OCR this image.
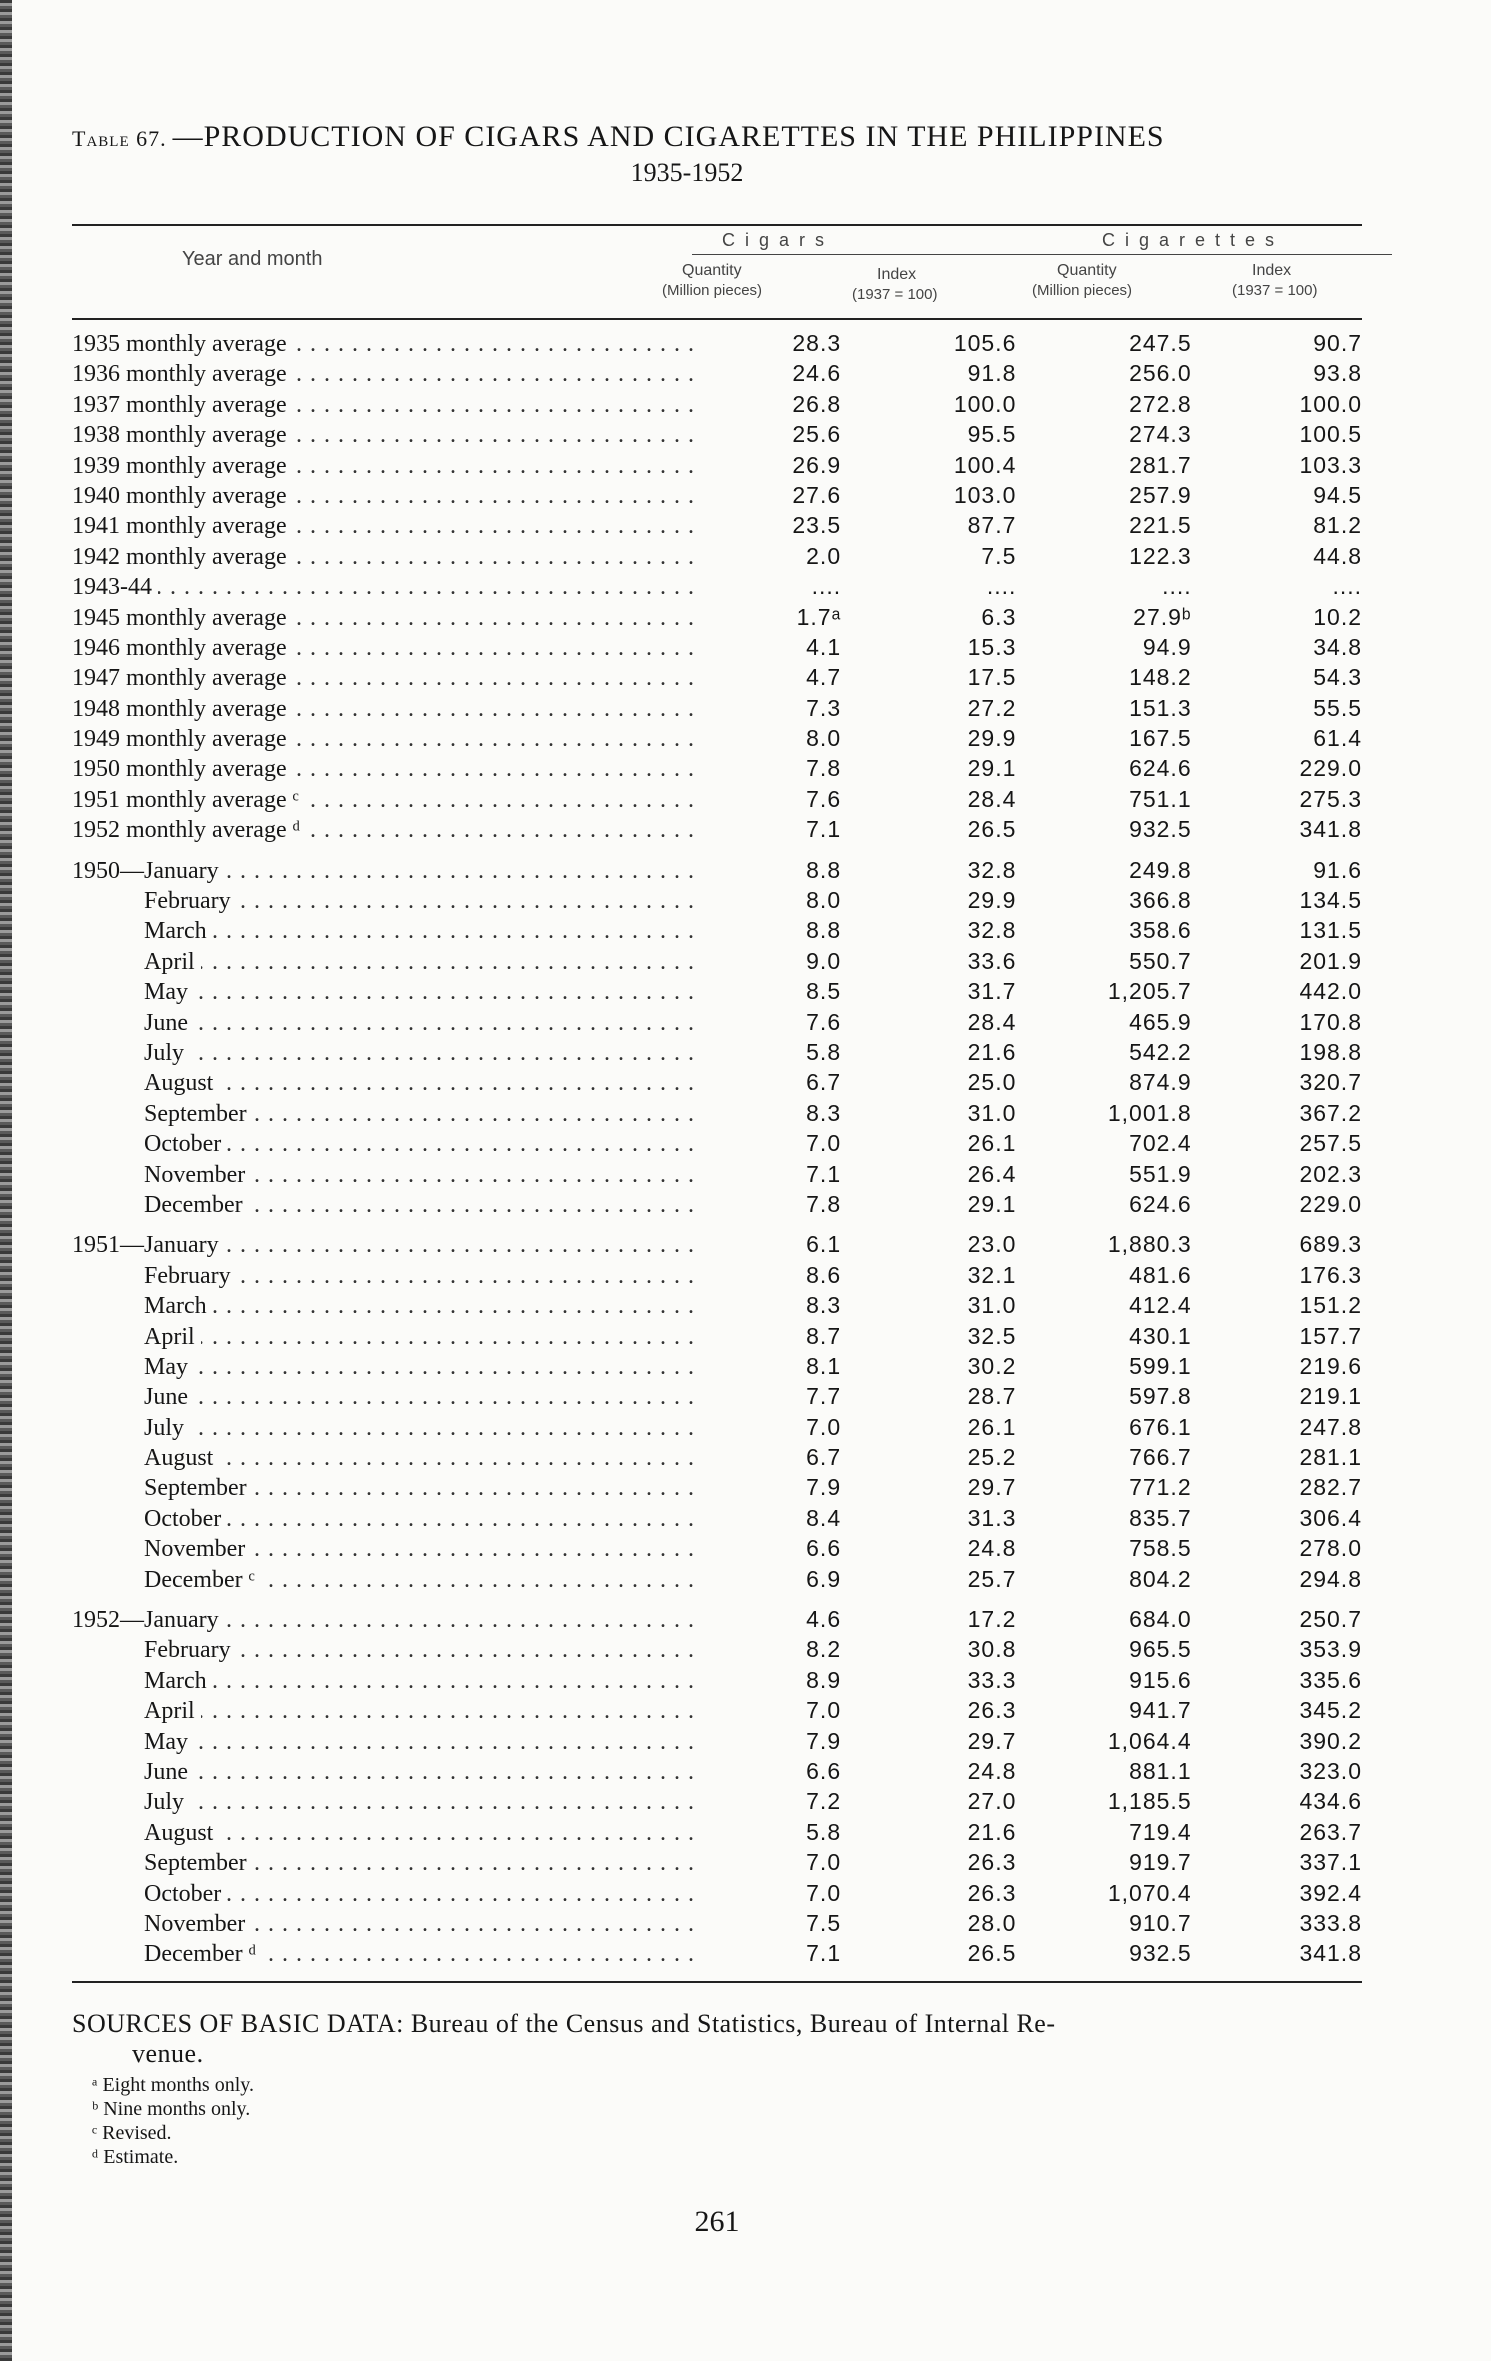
Table 67. —PRODUCTION OF CIGARS AND CIGARETTES IN THE PHILIPPINES
1935-1952
Year and month
Cigars	Cigarettes
Quantity
(Million pieces)
Index
(1937 = 100)
Quantity
(Million pieces)
Index
(1937 = 100)
1935 monthly average . . .	28.3	105.6	247.5	90.7
1936 monthly average . . .	24.6	91.8	256.0	93.8
1937 monthly average . . .	26.8	100.0	272.8	100.0
1938 monthly average . . .	25.6	95.5	274.3	100.5
1939 monthly average . . .	26.9	100.4	281.7	103.3
1940 monthly average . . .	27.6	103.0	257.9	94.5
1941 monthly average . . .	23.5	87.7	221.5	81.2
1942 monthly average . . .	2.0	7.5	122.3	44.8
1943-44 . . .	....	....	....	....
1945 monthly average . . .	1.7ᵃ	6.3	27.9ᵇ	10.2
1946 monthly average . . .	4.1	15.3	94.9	34.8
1947 monthly average . . .	4.7	17.5	148.2	54.3
1948 monthly average . . .	7.3	27.2	151.3	55.5
1949 monthly average . . .	8.0	29.9	167.5	61.4
1950 monthly average . . .	7.8	29.1	624.6	229.0
1951 monthly average ᶜ . . .	7.6	28.4	751.1	275.3
1952 monthly average ᵈ . . .	7.1	26.5	932.5	341.8
1950—January . . .	8.8	32.8	249.8	91.6
February . . .	8.0	29.9	366.8	134.5
March . . .	8.8	32.8	358.6	131.5
April . . .	9.0	33.6	550.7	201.9
May . . .	8.5	31.7	1,205.7	442.0
June . . .	7.6	28.4	465.9	170.8
July . . .	5.8	21.6	542.2	198.8
August . . .	6.7	25.0	874.9	320.7
September . . .	8.3	31.0	1,001.8	367.2
October . . .	7.0	26.1	702.4	257.5
November . . .	7.1	26.4	551.9	202.3
December . . .	7.8	29.1	624.6	229.0
1951—January . . .	6.1	23.0	1,880.3	689.3
February . . .	8.6	32.1	481.6	176.3
March . . .	8.3	31.0	412.4	151.2
April . . .	8.7	32.5	430.1	157.7
May . . .	8.1	30.2	599.1	219.6
June . . .	7.7	28.7	597.8	219.1
July . . .	7.0	26.1	676.1	247.8
August . . .	6.7	25.2	766.7	281.1
September . . .	7.9	29.7	771.2	282.7
October . . .	8.4	31.3	835.7	306.4
November . . .	6.6	24.8	758.5	278.0
December ᶜ . . .	6.9	25.7	804.2	294.8
1952—January . . .	4.6	17.2	684.0	250.7
February . . .	8.2	30.8	965.5	353.9
March . . .	8.9	33.3	915.6	335.6
April . . .	7.0	26.3	941.7	345.2
May . . .	7.9	29.7	1,064.4	390.2
June . . .	6.6	24.8	881.1	323.0
July . . .	7.2	27.0	1,185.5	434.6
August . . .	5.8	21.6	719.4	263.7
September . . .	7.0	26.3	919.7	337.1
October . . .	7.0	26.3	1,070.4	392.4
November . . .	7.5	28.0	910.7	333.8
December ᵈ . . .	7.1	26.5	932.5	341.8
SOURCES OF BASIC DATA: Bureau of the Census and Statistics, Bureau of Internal Re-
venue.
ᵃ Eight months only.
ᵇ Nine months only.
ᶜ Revised.
ᵈ Estimate.
261
